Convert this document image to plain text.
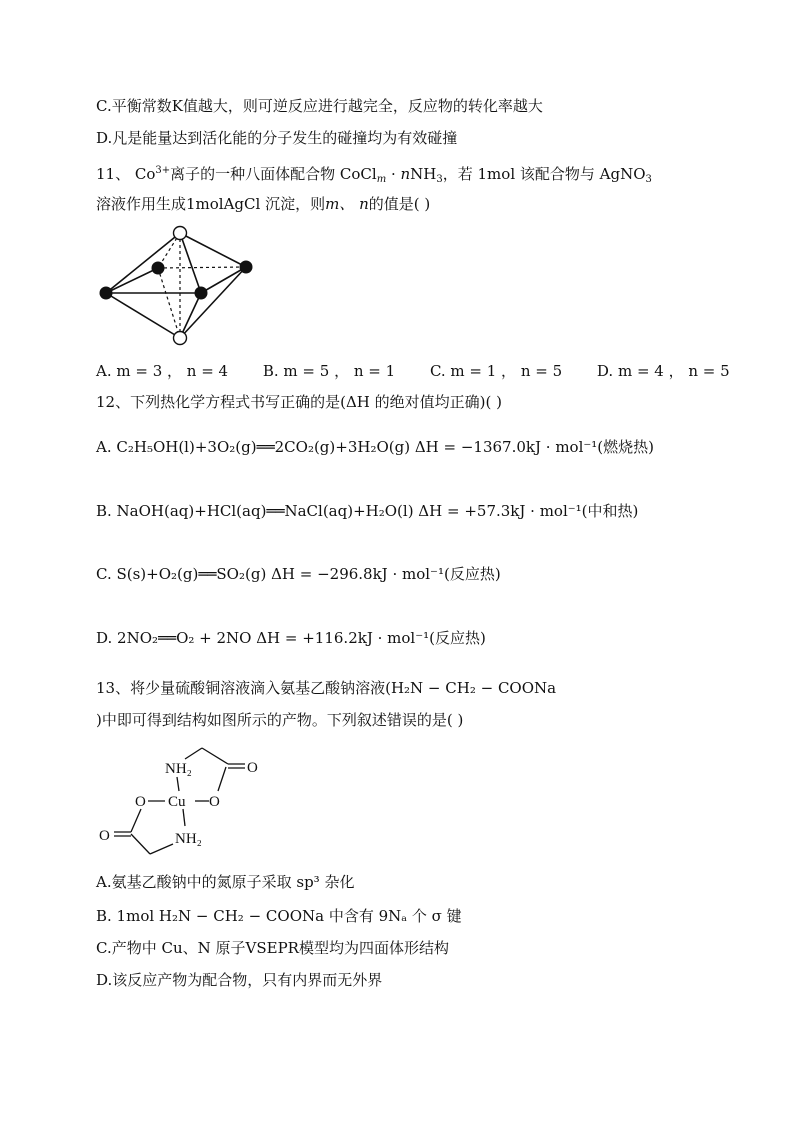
C.平衡常数K值越大，则可逆反应进行越完全，反应物的转化率越大
D.凡是能量达到活化能的分子发生的碰撞均为有效碰撞
11、 $Co^{3+}$离子的一种八面体配合物 CoCl$_m$ · nNH$_3$，若 1mol 该配合物与 AgNO$_3$
溶液作用生成1molAgCl 沉淀，则m、 n的值是( )
A. m = 3 ， n = 4 B. m = 5 ， n = 1 C. m = 1 ， n = 5 D. m = 4 ， n = 5
12、下列热化学方程式书写正确的是(ΔH 的绝对值均正确)( )
A. C₂H₅OH(l)+3O₂(g)══2CO₂(g)+3H₂O(g) ΔH = −1367.0kJ · mol⁻¹(燃烧热)
B. NaOH(aq)+HCl(aq)══NaCl(aq)+H₂O(l) ΔH = +57.3kJ · mol⁻¹(中和热)
C. S(s)+O₂(g)══SO₂(g) ΔH = −296.8kJ · mol⁻¹(反应热)
D. 2NO₂══O₂ + 2NO ΔH = +116.2kJ · mol⁻¹(反应热)
13、将少量硫酸铜溶液滴入氨基乙酸钠溶液(H₂N − CH₂ − COONa
)中即可得到结构如图所示的产物。下列叙述错误的是( )
NH₂	O
O Cu O
O	NH₂
A.氨基乙酸钠中的氮原子采取 sp³ 杂化
B. 1mol H₂N − CH₂ − COONa 中含有 9Nₐ 个 σ 键
C.产物中 Cu、N 原子VSEPR模型均为四面体形结构
D.该反应产物为配合物，只有内界而无外界
